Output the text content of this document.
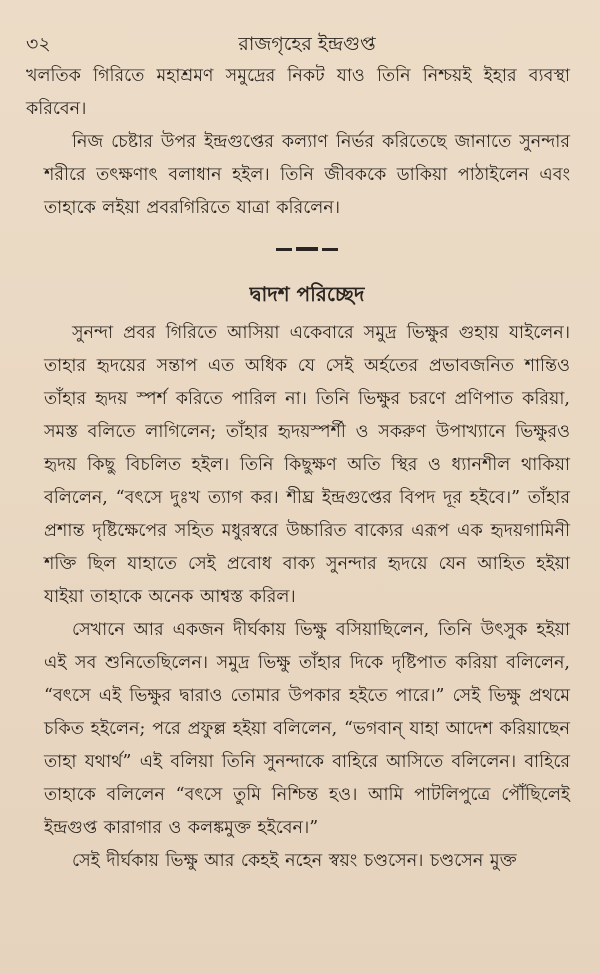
৩২	রাজগৃহের ইন্দ্রগুপ্ত

খলতিক গিরিতে মহাশ্রমণ সমুদ্রের নিকট যাও তিনি নিশ্চয়ই ইহার ব্যবস্থা করিবেন।

নিজ চেষ্টার উপর ইন্দ্রগুপ্তের কল্যাণ নির্ভর করিতেছে জানাতে সুনন্দার শরীরে তৎক্ষণাৎ বলাধান হইল। তিনি জীবককে ডাকিয়া পাঠাইলেন এবং তাহাকে লইয়া প্রবরগিরিতে যাত্রা করিলেন।

দ্বাদশ পরিচ্ছেদ

সুনন্দা প্রবর গিরিতে আসিয়া একেবারে সমুদ্র ভিক্ষুর গুহায় যাইলেন। তাহার হৃদয়ের সন্তাপ এত অধিক যে সেই অর্হতের প্রভাবজনিত শান্তিও তাঁহার হৃদয় স্পর্শ করিতে পারিল না। তিনি ভিক্ষুর চরণে প্রণিপাত করিয়া, সমস্ত বলিতে লাগিলেন; তাঁহার হৃদয়স্পর্শী ও সকরুণ উপাখ্যানে ভিক্ষুরও হৃদয় কিছু বিচলিত হইল। তিনি কিছুক্ষণ অতি স্থির ও ধ্যানশীল থাকিয়া বলিলেন, “বৎসে দুঃখ ত্যাগ কর। শীঘ্র ইন্দ্রগুপ্তের বিপদ দূর হইবে।” তাঁহার প্রশান্ত দৃষ্টিক্ষেপের সহিত মধুরস্বরে উচ্চারিত বাক্যের এরূপ এক হৃদয়গামিনী শক্তি ছিল যাহাতে সেই প্রবোধ বাক্য সুনন্দার হৃদয়ে যেন আহিত হইয়া যাইয়া তাহাকে অনেক আশ্বস্ত করিল।

সেখানে আর একজন দীর্ঘকায় ভিক্ষু বসিয়াছিলেন, তিনি উৎসুক হইয়া এই সব শুনিতেছিলেন। সমুদ্র ভিক্ষু তাঁহার দিকে দৃষ্টিপাত করিয়া বলিলেন, “বৎসে এই ভিক্ষুর দ্বারাও তোমার উপকার হইতে পারে।” সেই ভিক্ষু প্রথমে চকিত হইলেন; পরে প্রফুল্ল হইয়া বলিলেন, “ভগবান্ যাহা আদেশ করিয়াছেন তাহা যথার্থ” এই বলিয়া তিনি সুনন্দাকে বাহিরে আসিতে বলিলেন। বাহিরে তাহাকে বলিলেন “বৎসে তুমি নিশ্চিন্ত হও। আমি পাটলিপুত্রে পৌঁছিলেই ইন্দ্রগুপ্ত কারাগার ও কলঙ্কমুক্ত হইবেন।”

সেই দীর্ঘকায় ভিক্ষু আর কেহই নহেন স্বয়ং চণ্ডসেন। চণ্ডসেন মুক্ত
